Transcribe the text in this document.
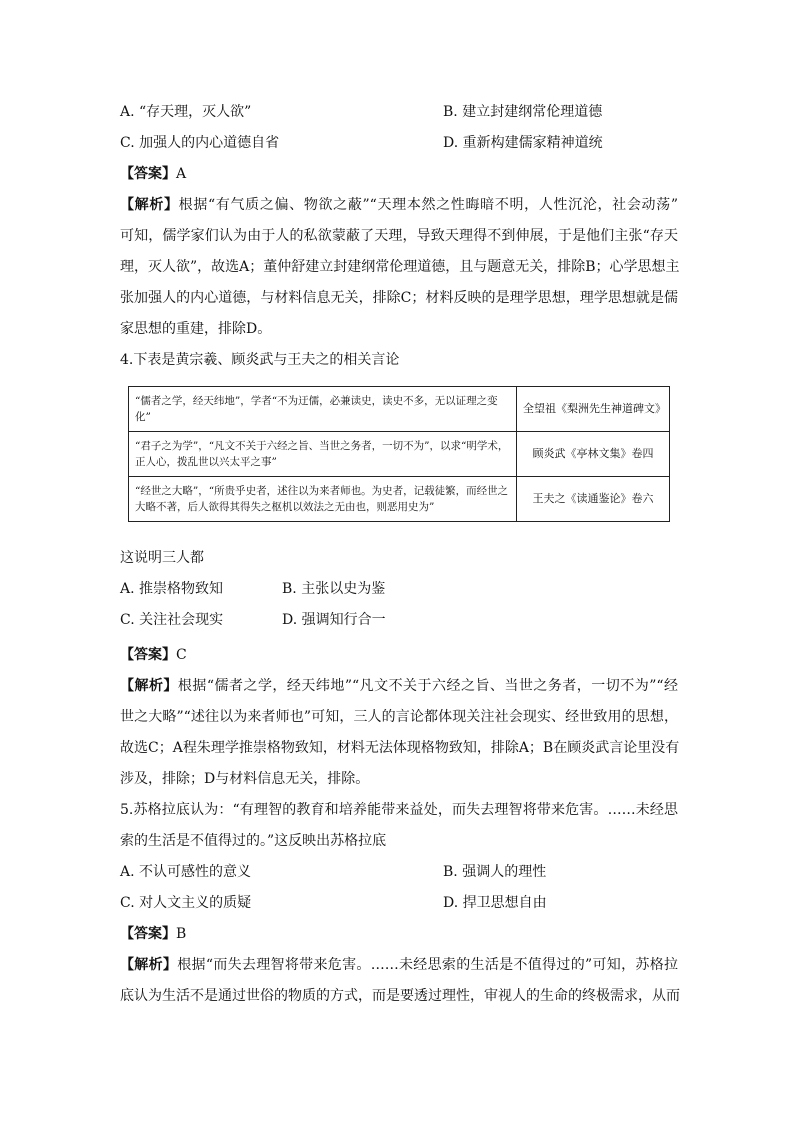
A. “存天理，灭人欲”	B. 建立封建纲常伦理道德
C. 加强人的内心道德自省	D. 重新构建儒家精神道统
【答案】A
【解析】根据“有气质之偏、物欲之蔽”“天理本然之性晦暗不明，人性沉沦，社会动荡”
可知，儒学家们认为由于人的私欲蒙蔽了天理，导致天理得不到伸展，于是他们主张“存天
理，灭人欲”，故选A；董仲舒建立封建纲常伦理道德，且与题意无关，排除B；心学思想主
张加强人的内心道德，与材料信息无关，排除C；材料反映的是理学思想，理学思想就是儒
家思想的重建，排除D。
4.下表是黄宗羲、顾炎武与王夫之的相关言论
“儒者之学，经天纬地”，学者“不为迂儒，必兼读史，读史不多，无以证理之变化”	全望祖《梨洲先生神道碑文》
“君子之为学”，“凡文不关于六经之旨、当世之务者，一切不为”，以求“明学术，正人心，拨乱世以兴太平之事”	顾炎武《亭林文集》卷四
“经世之大略”，“所贵乎史者，述往以为来者师也。为史者，记载徒繁，而经世之大略不著，后人欲得其得失之枢机以效法之无由也，则恶用史为”	王夫之《读通鉴论》卷六
这说明三人都
A. 推崇格物致知	B. 主张以史为鉴
C. 关注社会现实	D. 强调知行合一
【答案】C
【解析】根据“儒者之学，经天纬地”“凡文不关于六经之旨、当世之务者，一切不为”“经
世之大略”“述往以为来者师也”可知，三人的言论都体现关注社会现实、经世致用的思想，
故选C；A程朱理学推崇格物致知，材料无法体现格物致知，排除A；B在顾炎武言论里没有
涉及，排除；D与材料信息无关，排除。
5.苏格拉底认为：“有理智的教育和培养能带来益处，而失去理智将带来危害。……未经思
索的生活是不值得过的。”这反映出苏格拉底
A. 不认可感性的意义	B. 强调人的理性
C. 对人文主义的质疑	D. 捍卫思想自由
【答案】B
【解析】根据“而失去理智将带来危害。……未经思索的生活是不值得过的”可知，苏格拉
底认为生活不是通过世俗的物质的方式，而是要透过理性，审视人的生命的终极需求，从而
